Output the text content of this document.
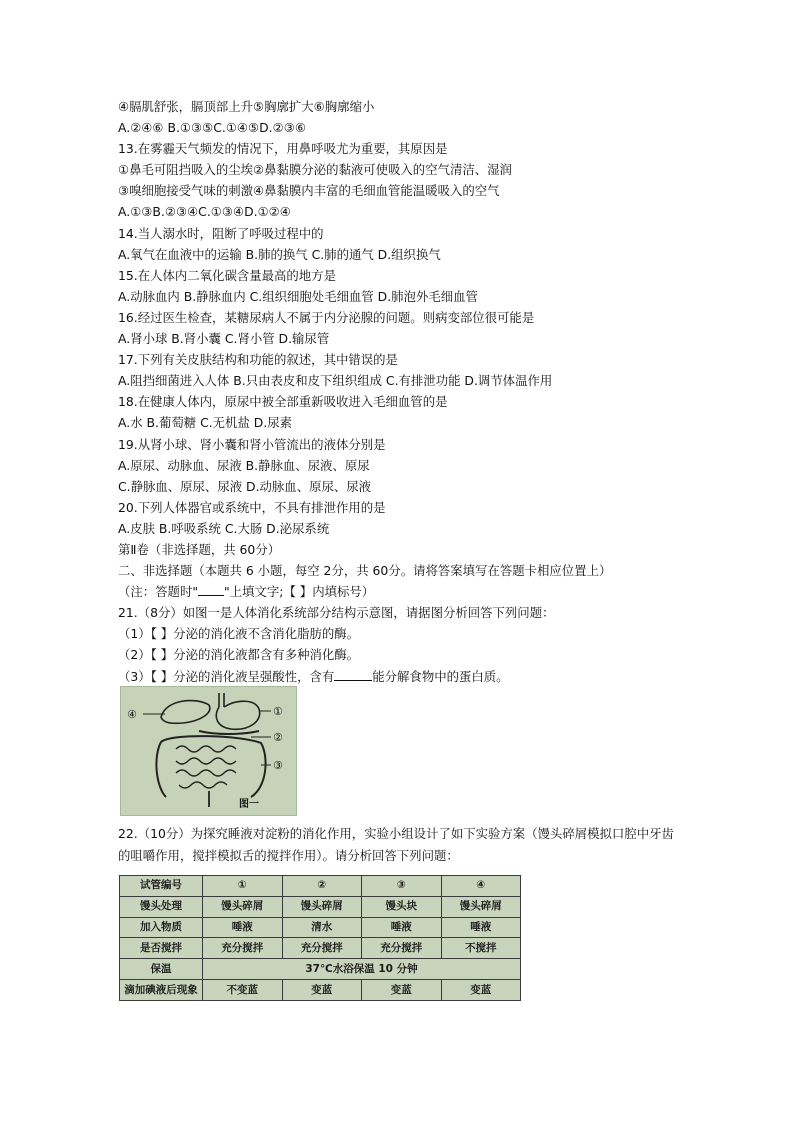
④膈肌舒张，膈顶部上升⑤胸廓扩大⑥胸廓缩小
A.②④⑥ B.①③⑤C.①④⑤D.②③⑥
13.在雾霾天气频发的情况下，用鼻呼吸尤为重要，其原因是
①鼻毛可阻挡吸入的尘埃②鼻黏膜分泌的黏液可使吸入的空气清洁、湿润
③嗅细胞接受气味的刺激④鼻黏膜内丰富的毛细血管能温暖吸入的空气
A.①③B.②③④C.①③④D.①②④
14.当人溺水时，阻断了呼吸过程中的
A.氧气在血液中的运输 B.肺的换气 C.肺的通气 D.组织换气
15.在人体内二氧化碳含量最高的地方是
A.动脉血内 B.静脉血内 C.组织细胞处毛细血管 D.肺泡外毛细血管
16.经过医生检查，某糖尿病人不属于内分泌腺的问题。则病变部位很可能是
A.肾小球 B.肾小囊 C.肾小管 D.输尿管
17.下列有关皮肤结构和功能的叙述，其中错误的是
A.阻挡细菌进入人体 B.只由表皮和皮下组织组成 C.有排泄功能 D.调节体温作用
18.在健康人体内，原尿中被全部重新吸收进入毛细血管的是
A.水 B.葡萄糖 C.无机盐 D.尿素
19.从肾小球、肾小囊和肾小管流出的液体分别是
A.原尿、动脉血、尿液 B.静脉血、尿液、原尿
C.静脉血、原尿、尿液 D.动脉血、原尿、尿液
20.下列人体器官或系统中，不具有排泄作用的是
A.皮肤 B.呼吸系统 C.大肠 D.泌尿系统
第Ⅱ卷（非选择题，共 60分）
二、非选择题（本题共 6 小题，每空 2分，共 60分。请将答案填写在答题卡相应位置上）
（注：答题时" "上填文字;【 】内填标号）
21.（8分）如图一是人体消化系统部分结构示意图，请据图分析回答下列问题：
（1）【 】分泌的消化液不含消化脂肪的酶。
（2）【 】分泌的消化液都含有多种消化酶。
（3）【 】分泌的消化液呈强酸性，含有	能分解食物中的蛋白质。
④	①
②
③
图一
22.（10分）为探究睡液对淀粉的消化作用，实验小组设计了如下实验方案（馒头碎屑模拟口腔中牙齿的咀嚼作用，搅拌模拟舌的搅拌作用）。请分析回答下列问题：
试管编号	①	②	③	④
馒头处理	馒头碎屑	馒头碎屑	馒头块	馒头碎屑
加入物质	唾液	清水	唾液	唾液
是否搅拌	充分搅拌	充分搅拌	充分搅拌	不搅拌
保温	37℃水浴保温 10 分钟			
滴加碘液后现象	不变蓝	变蓝	变蓝	变蓝
